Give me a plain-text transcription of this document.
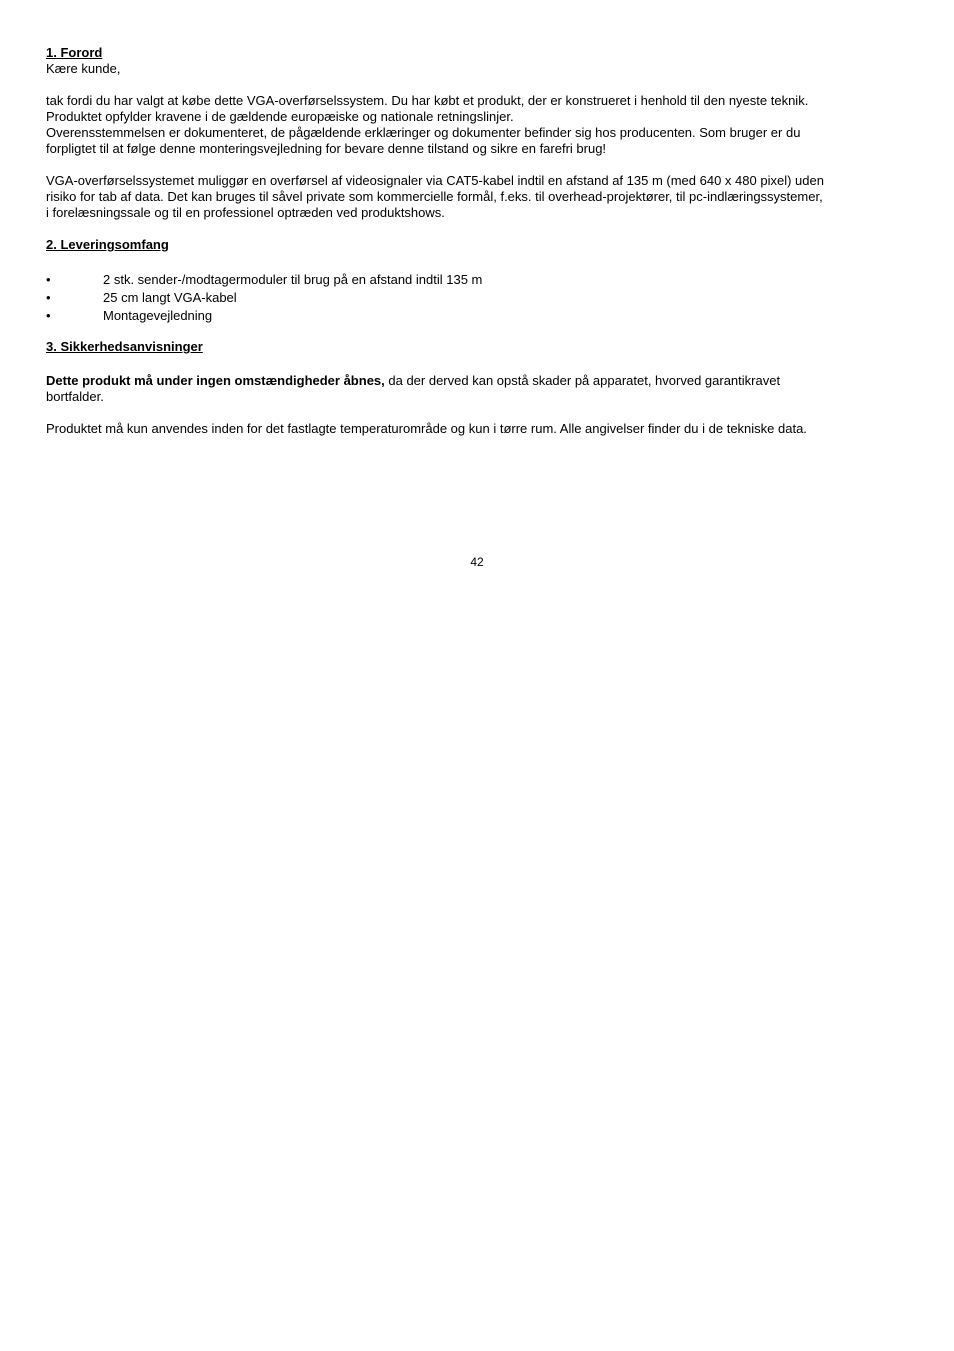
1. Forord

Kære kunde,

tak fordi du har valgt at købe dette VGA-overførselssystem. Du har købt et produkt, der er konstrueret i henhold til den nyeste teknik.

Produktet opfylder kravene i de gældende europæiske og nationale retningslinjer.

Overensstemmelsen er dokumenteret, de pågældende erklæringer og dokumenter befinder sig hos producenten. Som bruger er du

forpligtet til at følge denne monteringsvejledning for bevare denne tilstand og sikre en farefri brug!

VGA-overførselssystemet muliggør en overførsel af videosignaler via CAT5-kabel indtil en afstand af 135 m (med 640 x 480 pixel) uden

risiko for tab af data. Det kan bruges til såvel private som kommercielle formål, f.eks. til overhead-projektører, til pc-indlæringssystemer,

i forelæsningssale og til en professionel optræden ved produktshows.

2. Leveringsomfang

•	2 stk. sender-/modtagermoduler til brug på en afstand indtil 135 m
•	25 cm langt VGA-kabel
•	Montagevejledning

3. Sikkerhedsanvisninger

Dette produkt må under ingen omstændigheder åbnes, da der derved kan opstå skader på apparatet, hvorved garantikravet

bortfalder.

Produktet må kun anvendes inden for det fastlagte temperaturområde og kun i tørre rum. Alle angivelser finder du i de tekniske data.

42
